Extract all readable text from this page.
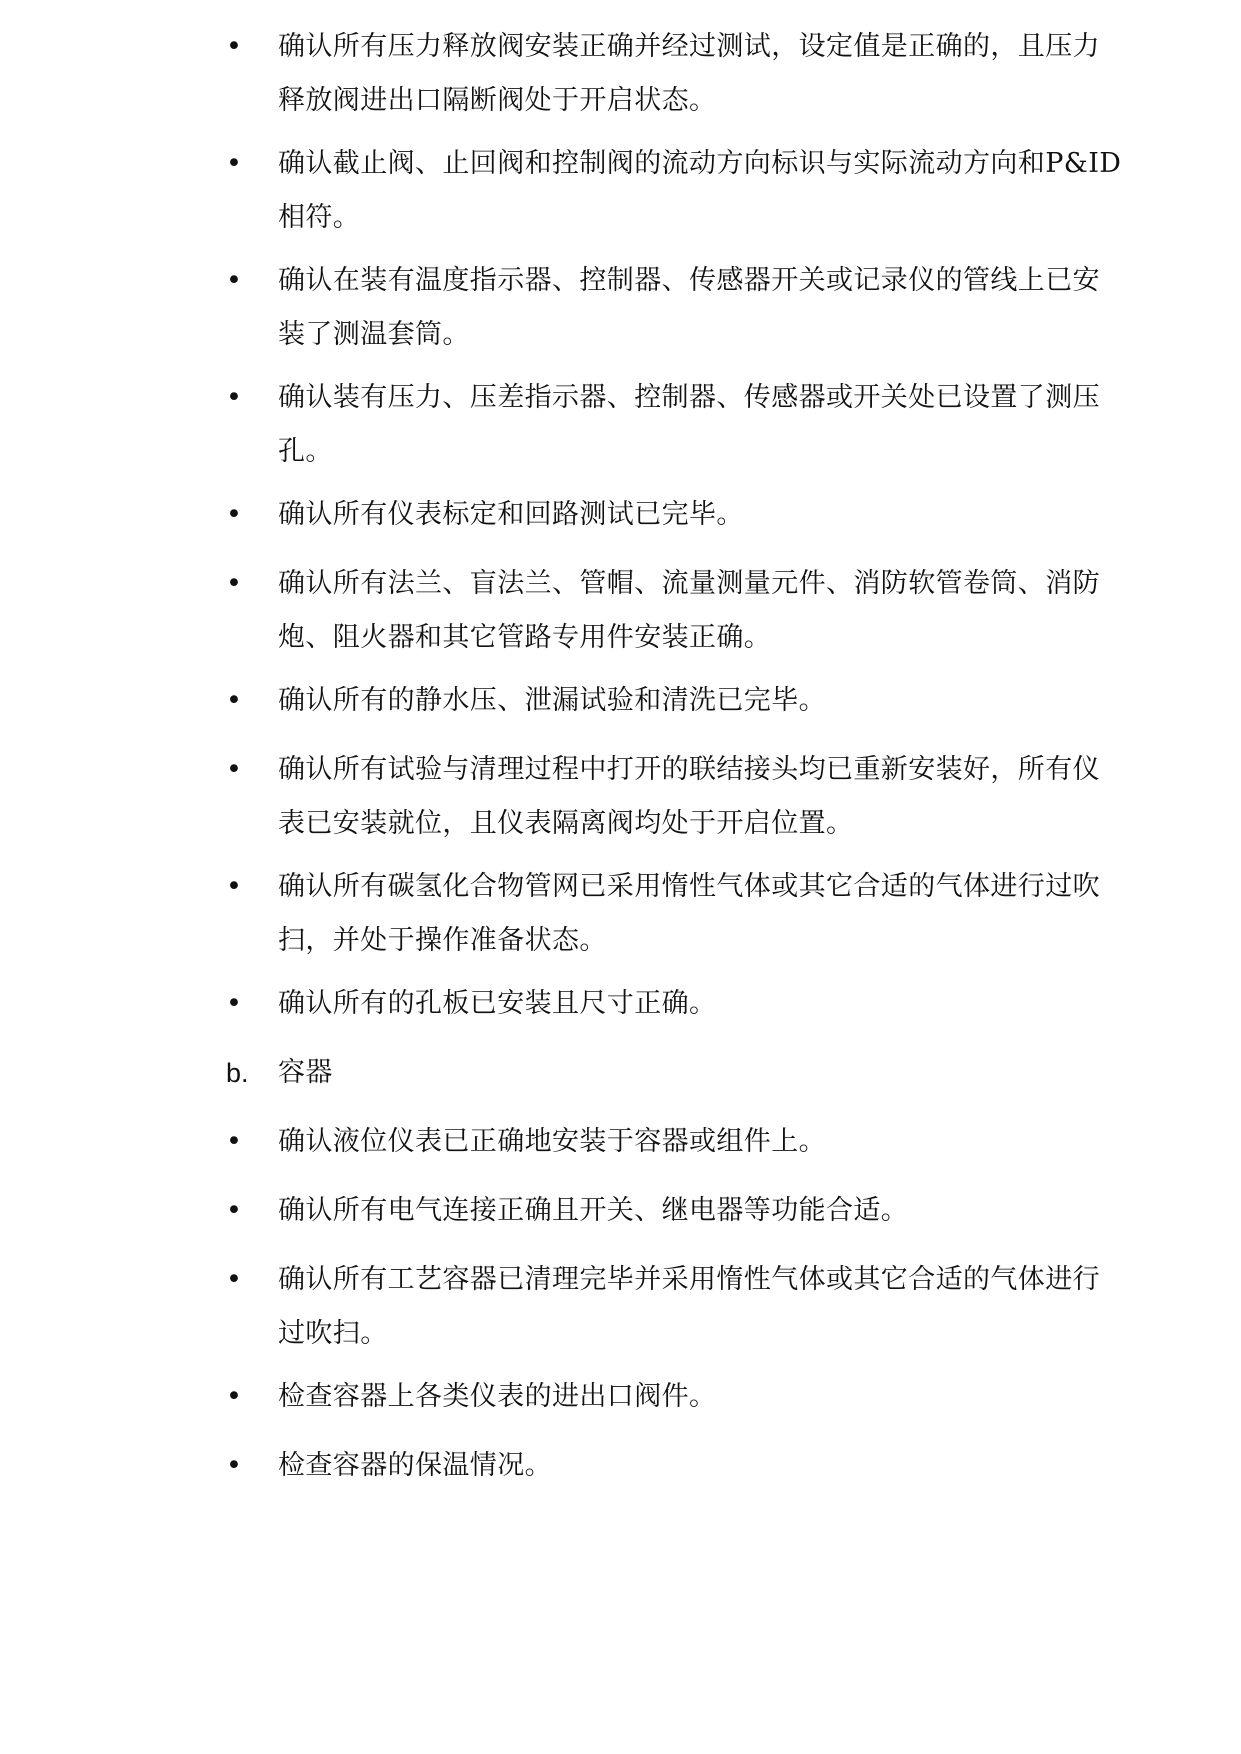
•	确认所有压力释放阀安装正确并经过测试，设定值是正确的，且压力释放阀进出口隔断阀处于开启状态。
•	确认截止阀、止回阀和控制阀的流动方向标识与实际流动方向和P&ID 相符。
•	确认在装有温度指示器、控制器、传感器开关或记录仪的管线上已安装了测温套筒。
•	确认装有压力、压差指示器、控制器、传感器或开关处已设置了测压孔。
•	确认所有仪表标定和回路测试已完毕。
•	确认所有法兰、盲法兰、管帽、流量测量元件、消防软管卷筒、消防炮、阻火器和其它管路专用件安装正确。
•	确认所有的静水压、泄漏试验和清洗已完毕。
•	确认所有试验与清理过程中打开的联结接头均已重新安装好，所有仪表已安装就位，且仪表隔离阀均处于开启位置。
•	确认所有碳氢化合物管网已采用惰性气体或其它合适的气体进行过吹扫，并处于操作准备状态。
•	确认所有的孔板已安装且尺寸正确。
b.	容器
•	确认液位仪表已正确地安装于容器或组件上。
•	确认所有电气连接正确且开关、继电器等功能合适。
•	确认所有工艺容器已清理完毕并采用惰性气体或其它合适的气体进行过吹扫。
•	检查容器上各类仪表的进出口阀件。
•	检查容器的保温情况。
